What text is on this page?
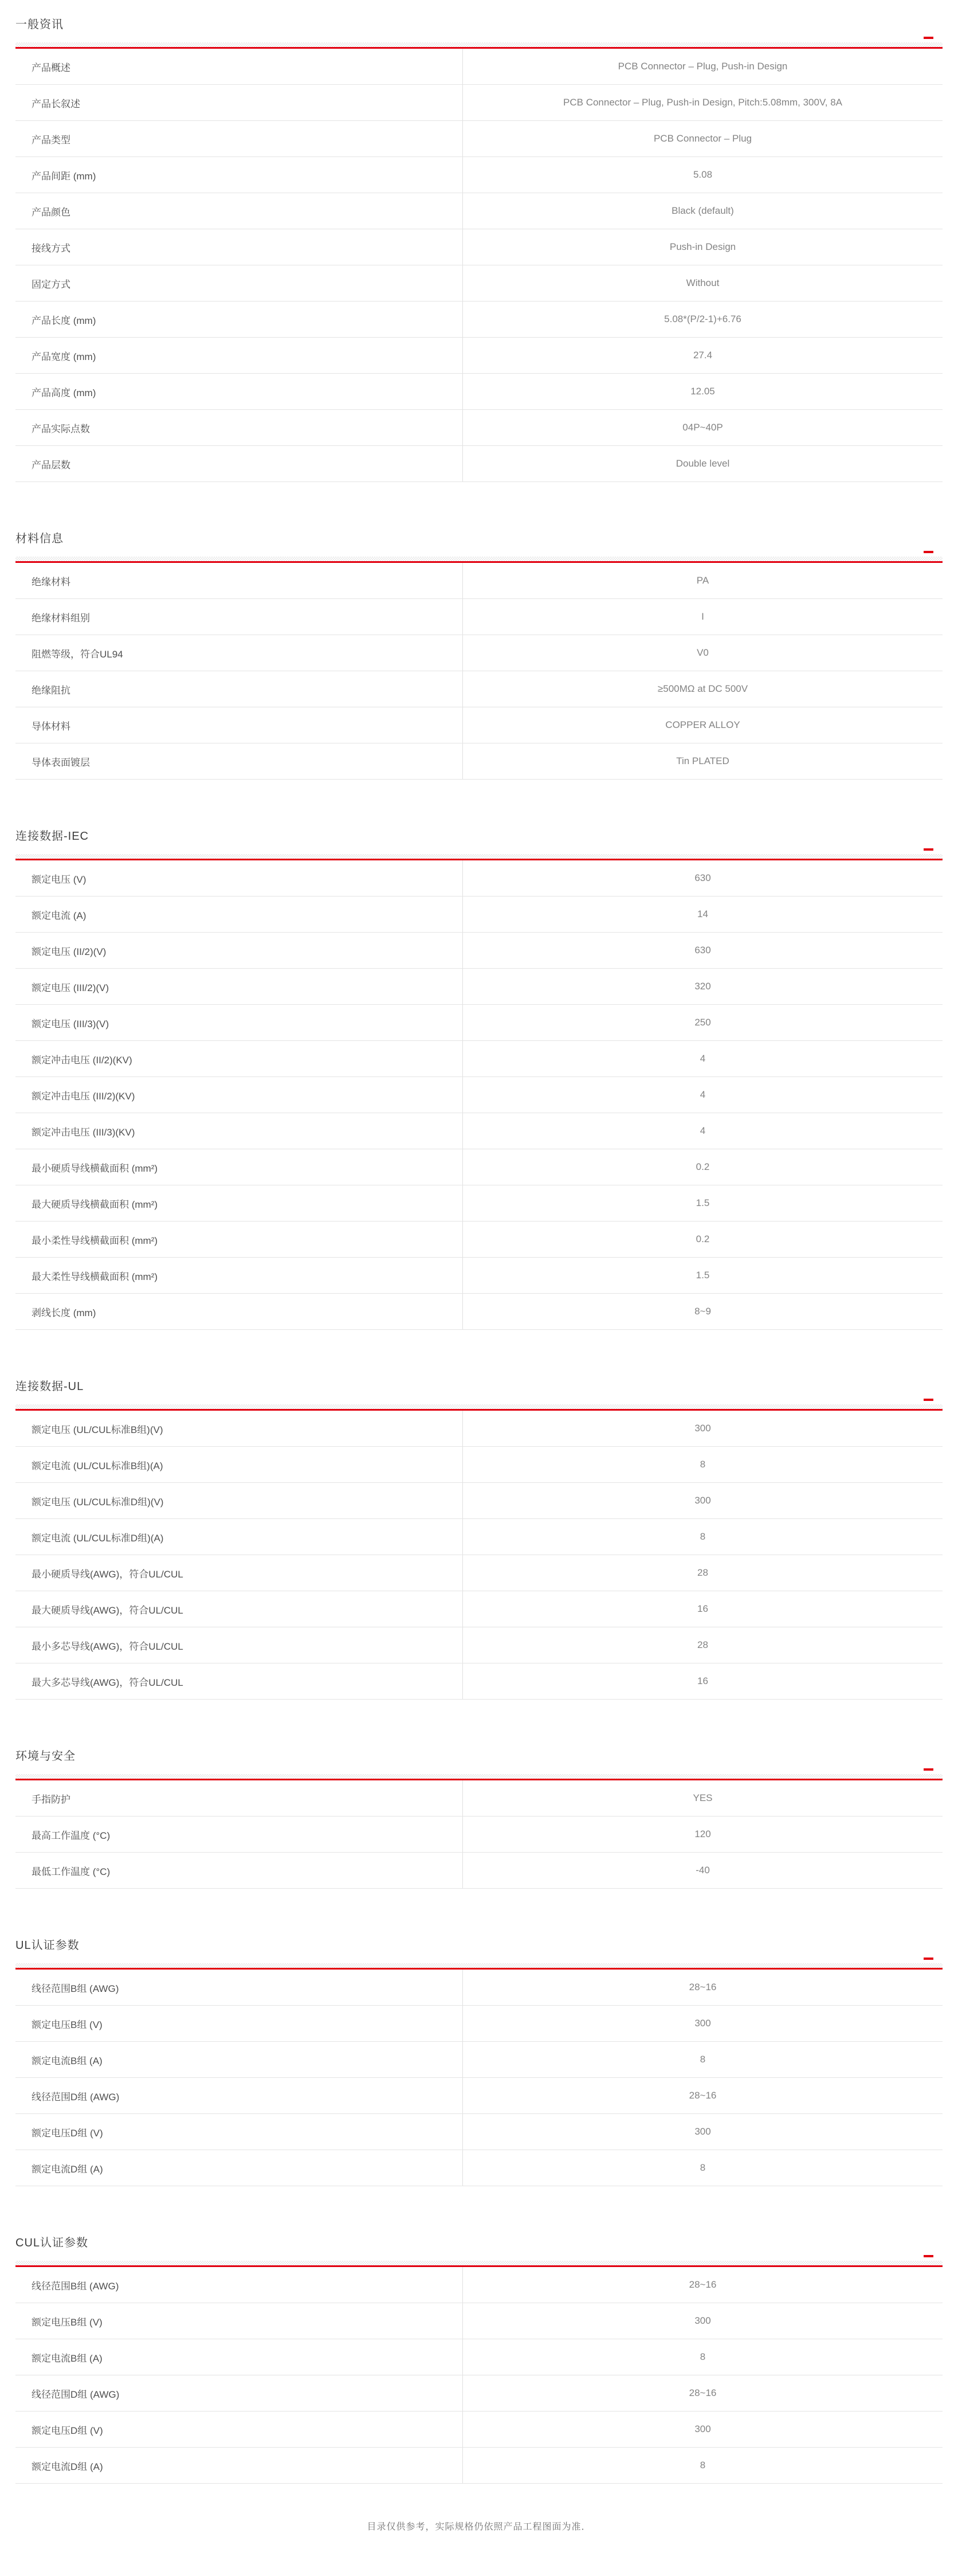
一般资讯
产品概述	PCB Connector – Plug, Push-in Design
产品长叙述	PCB Connector – Plug, Push-in Design, Pitch:5.08mm, 300V, 8A
产品类型	PCB Connector – Plug
产品间距 (mm)	5.08
产品颜色	Black (default)
接线方式	Push-in Design
固定方式	Without
产品长度 (mm)	5.08*(P/2-1)+6.76
产品宽度 (mm)	27.4
产品高度 (mm)	12.05
产品实际点数	04P~40P
产品层数	Double level
材料信息
绝缘材料	PA
绝缘材料组别	I
阻燃等级，符合UL94	V0
绝缘阻抗	≥500MΩ at DC 500V
导体材料	COPPER ALLOY
导体表面镀层	Tin PLATED
连接数据-IEC
额定电压 (V)	630
额定电流 (A)	14
额定电压 (II/2)(V)	630
额定电压 (III/2)(V)	320
额定电压 (III/3)(V)	250
额定冲击电压 (II/2)(KV)	4
额定冲击电压 (III/2)(KV)	4
额定冲击电压 (III/3)(KV)	4
最小硬质导线横截面积 (mm²)	0.2
最大硬质导线横截面积 (mm²)	1.5
最小柔性导线横截面积 (mm²)	0.2
最大柔性导线横截面积 (mm²)	1.5
剥线长度 (mm)	8~9
连接数据-UL
额定电压 (UL/CUL标准B组)(V)	300
额定电流 (UL/CUL标准B组)(A)	8
额定电压 (UL/CUL标准D组)(V)	300
额定电流 (UL/CUL标准D组)(A)	8
最小硬质导线(AWG)，符合UL/CUL	28
最大硬质导线(AWG)，符合UL/CUL	16
最小多芯导线(AWG)，符合UL/CUL	28
最大多芯导线(AWG)，符合UL/CUL	16
环境与安全
手指防护	YES
最高工作温度 (°C)	120
最低工作温度 (°C)	-40
UL认证参数
线径范围B组 (AWG)	28~16
额定电压B组 (V)	300
额定电流B组 (A)	8
线径范围D组 (AWG)	28~16
额定电压D组 (V)	300
额定电流D组 (A)	8
CUL认证参数
线径范围B组 (AWG)	28~16
额定电压B组 (V)	300
额定电流B组 (A)	8
线径范围D组 (AWG)	28~16
额定电压D组 (V)	300
额定电流D组 (A)	8

目录仅供参考，实际规格仍依照产品工程图面为准．
